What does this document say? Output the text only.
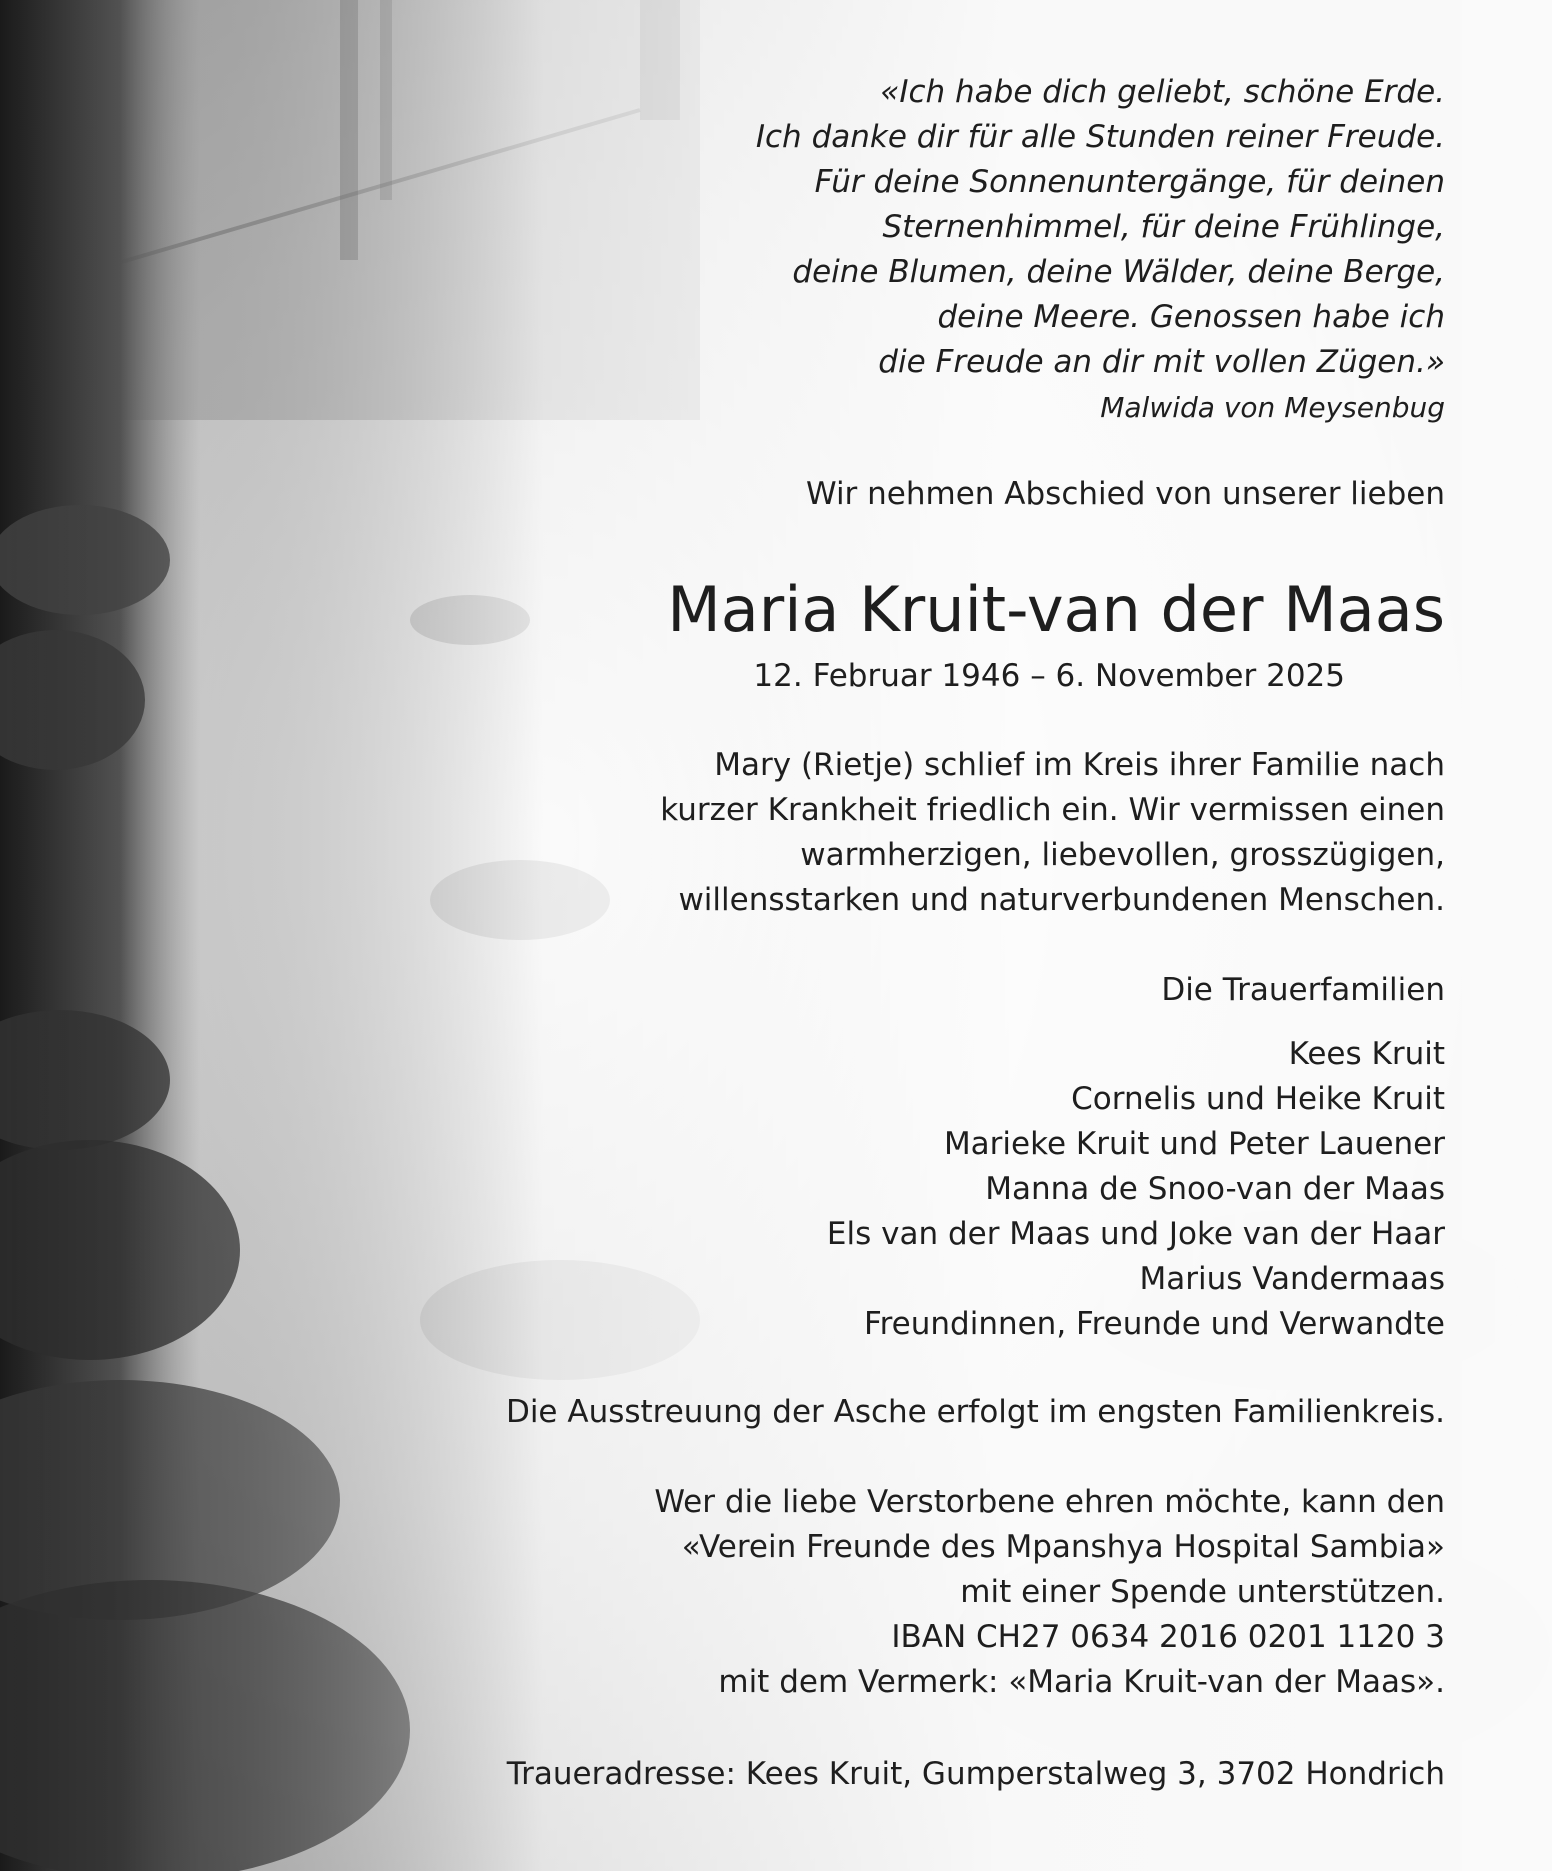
«Ich habe dich geliebt, schöne Erde.
Ich danke dir für alle Stunden reiner Freude.
Für deine Sonnenuntergänge, für deinen
Sternenhimmel, für deine Frühlinge,
deine Blumen, deine Wälder, deine Berge,
deine Meere. Genossen habe ich
die Freude an dir mit vollen Zügen.»
Malwida von Meysenbug

Wir nehmen Abschied von unserer lieben

Maria Kruit-van der Maas

12. Februar 1946 – 6. November 2025

Mary (Rietje) schlief im Kreis ihrer Familie nach
kurzer Krankheit friedlich ein. Wir vermissen einen
warmherzigen, liebevollen, grosszügigen,
willensstarken und naturverbundenen Menschen.

Die Trauerfamilien

Kees Kruit
Cornelis und Heike Kruit
Marieke Kruit und Peter Lauener
Manna de Snoo-van der Maas
Els van der Maas und Joke van der Haar
Marius Vandermaas
Freundinnen, Freunde und Verwandte

Die Ausstreuung der Asche erfolgt im engsten Familienkreis.

Wer die liebe Verstorbene ehren möchte, kann den
«Verein Freunde des Mpanshya Hospital Sambia»
mit einer Spende unterstützen.
IBAN CH27 0634 2016 0201 1120 3
mit dem Vermerk: «Maria Kruit-van der Maas».

Traueradresse: Kees Kruit, Gumperstalweg 3, 3702 Hondrich
